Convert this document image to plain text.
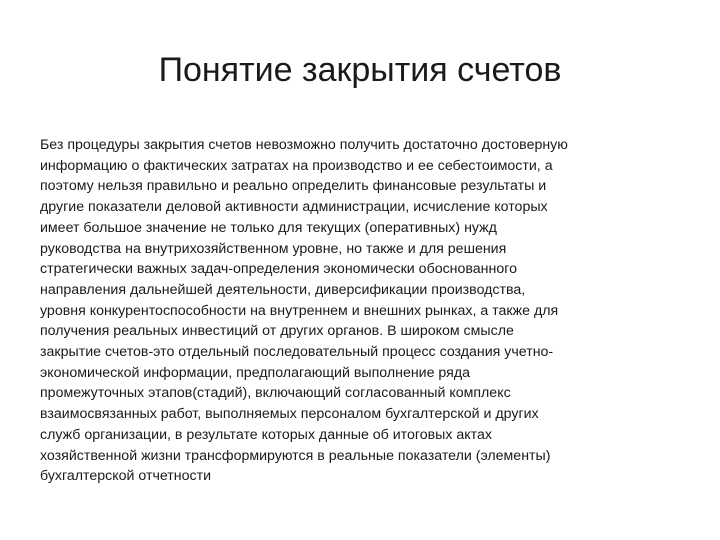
Понятие закрытия счетов

Без процедуры закрытия счетов невозможно получить достаточно достоверную
информацию о фактических затратах на производство и ее себестоимости, а
поэтому нельзя правильно и реально определить финансовые результаты и
другие показатели деловой активности администрации, исчисление которых
имеет большое значение не только для текущих (оперативных) нужд
руководства на внутрихозяйственном уровне, но также и для решения
стратегически важных задач-определения экономически обоснованного
направления дальнейшей деятельности, диверсификации производства,
уровня конкурентоспособности на внутреннем и внешних рынках, а также для
получения реальных инвестиций от других органов. В широком смысле
закрытие счетов-это отдельный последовательный процесс создания учетно-
экономической информации, предполагающий выполнение ряда
промежуточных этапов(стадий), включающий согласованный комплекс
взаимосвязанных работ, выполняемых персоналом бухгалтерской и других
служб организации, в результате которых данные об итоговых актах
хозяйственной жизни трансформируются в реальные показатели (элементы)
бухгалтерской отчетности
